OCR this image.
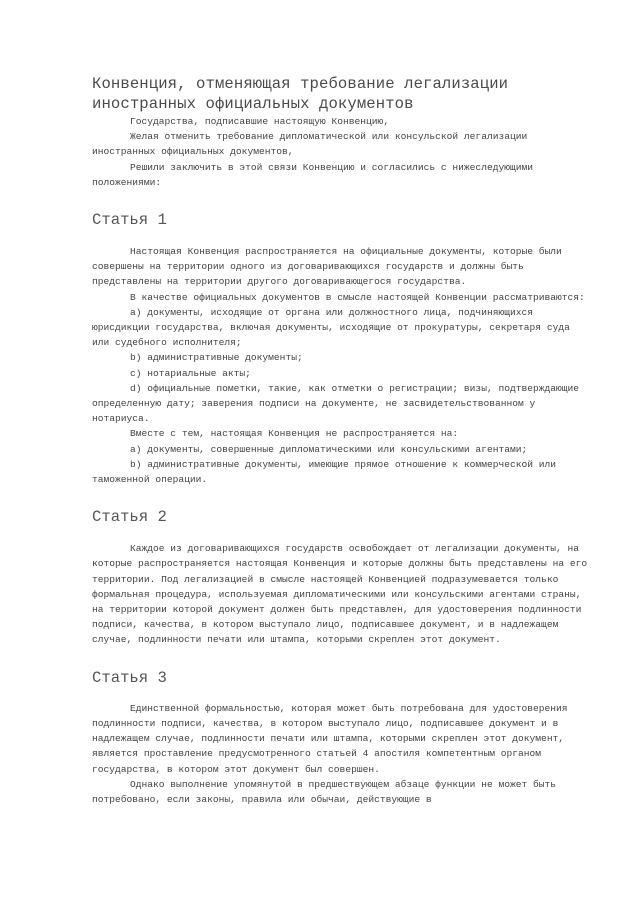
Конвенция, отменяющая требование легализации
иностранных официальных документов

Государства, подписавшие настоящую Конвенцию,

Желая отменить требование дипломатической или консульской легализации иностранных официальных документов,

Решили заключить в этой связи Конвенцию и согласились с нижеследующими положениями:

Статья 1

Настоящая Конвенция распространяется на официальные документы, которые были совершены на территории одного из договаривающихся государств и должны быть представлены на территории другого договаривающегося государства.

В качестве официальных документов в смысле настоящей Конвенции рассматриваются:

a) документы, исходящие от органа или должностного лица, подчиняющихся юрисдикции государства, включая документы, исходящие от прокуратуры, секретаря суда или судебного исполнителя;

b) административные документы;

c) нотариальные акты;

d) официальные пометки, такие, как отметки о регистрации; визы, подтверждающие определенную дату; заверения подписи на документе, не засвидетельствованном у нотариуса.

Вместе с тем, настоящая Конвенция не распространяется на:

a) документы, совершенные дипломатическими или консульскими агентами;

b) административные документы, имеющие прямое отношение к коммерческой или таможенной операции.

Статья 2

Каждое из договаривающихся государств освобождает от легализации документы, на которые распространяется настоящая Конвенция и которые должны быть представлены на его территории. Под легализацией в смысле настоящей Конвенцией подразумевается только формальная процедура, используемая дипломатическими или консульскими агентами страны, на территории которой документ должен быть представлен, для удостоверения подлинности подписи, качества, в котором выступало лицо, подписавшее документ, и в надлежащем случае, подлинности печати или штампа, которыми скреплен этот документ.

Статья 3

Единственной формальностью, которая может быть потребована для удостоверения подлинности подписи, качества, в котором выступало лицо, подписавшее документ и в надлежащем случае, подлинности печати или штампа, которыми скреплен этот документ, является проставление предусмотренного статьей 4 апостиля компетентным органом государства, в котором этот документ был совершен.

Однако выполнение упомянутой в предшествующем абзаце функции не может быть потребовано, если законы, правила или обычаи, действующие в
